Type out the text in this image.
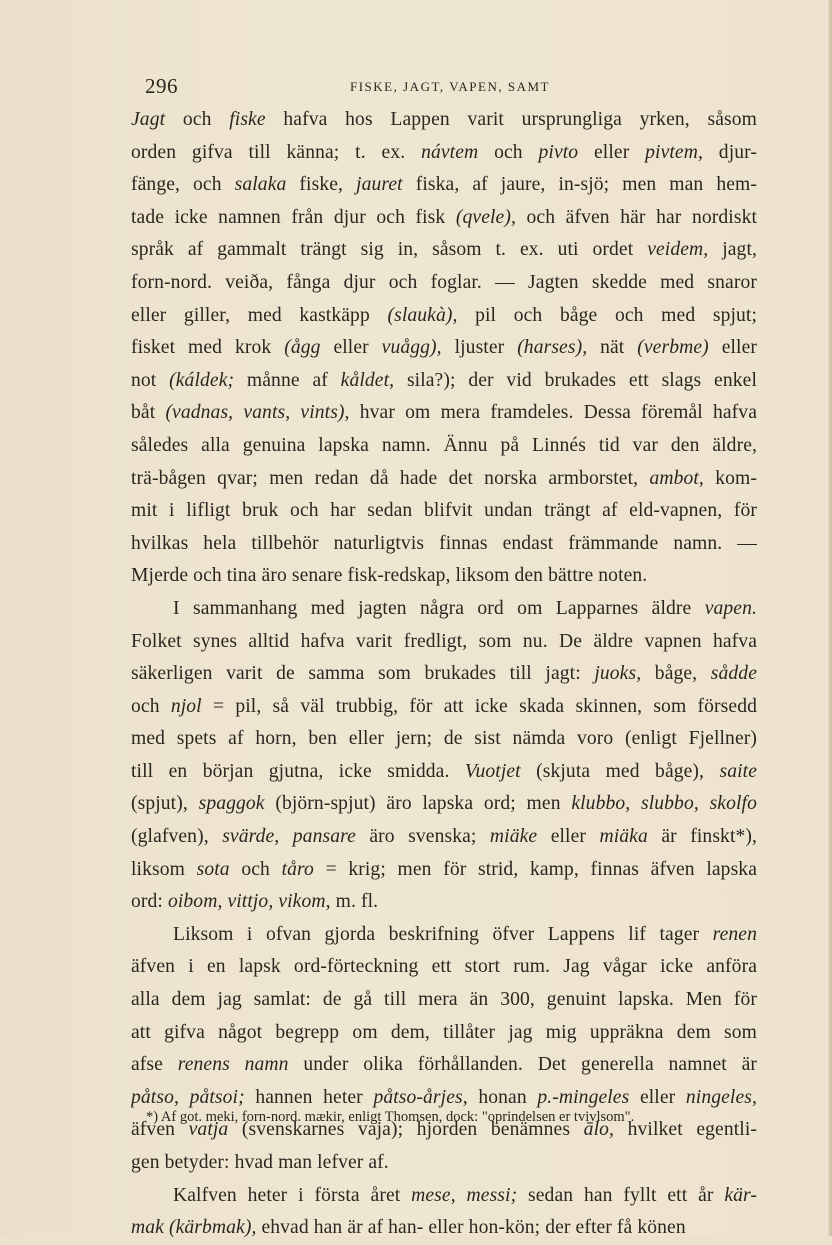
296	FISKE, JAGT, VAPEN, SAMT
Jagt och fiske hafva hos Lappen varit ursprungliga yrken, såsom
orden gifva till känna; t. ex. návtem och pivto eller pivtem, djur-
fänge, och salaka fiske, jauret fiska, af jaure, in-sjö; men man hem-
tade icke namnen från djur och fisk (qvele), och äfven här har nordiskt
språk af gammalt trängt sig in, såsom t. ex. uti ordet veidem, jagt,
forn-nord. veiða, fånga djur och foglar. — Jagten skedde med snaror
eller giller, med kastkäpp (slaukà), pil och båge och med spjut;
fisket med krok (ågg eller vuågg), ljuster (harses), nät (verbme) eller
not (káldek; månne af kåldet, sila?); der vid brukades ett slags enkel
båt (vadnas, vants, vints), hvar om mera framdeles. Dessa föremål hafva
således alla genuina lapska namn. Ännu på Linnés tid var den äldre,
trä-bågen qvar; men redan då hade det norska armborstet, ambot, kom-
mit i lifligt bruk och har sedan blifvit undan trängt af eld-vapnen, för
hvilkas hela tillbehör naturligtvis finnas endast främmande namn. —
Mjerde och tina äro senare fisk-redskap, liksom den bättre noten.
I sammanhang med jagten några ord om Lapparnes äldre vapen.
Folket synes alltid hafva varit fredligt, som nu. De äldre vapnen hafva
säkerligen varit de samma som brukades till jagt: juoks, båge, sådde
och njol = pil, så väl trubbig, för att icke skada skinnen, som försedd
med spets af horn, ben eller jern; de sist nämda voro (enligt Fjellner)
till en början gjutna, icke smidda. Vuotjet (skjuta med båge), saite
(spjut), spaggok (björn-spjut) äro lapska ord; men klubbo, slubbo, skolfo
(glafven), svärde, pansare äro svenska; miäke eller miäka är finskt*),
liksom sota och tåro = krig; men för strid, kamp, finnas äfven lapska
ord: oibom, vittjo, vikom, m. fl.
Liksom i ofvan gjorda beskrifning öfver Lappens lif tager renen
äfven i en lapsk ord-förteckning ett stort rum. Jag vågar icke anföra
alla dem jag samlat: de gå till mera än 300, genuint lapska. Men för
att gifva något begrepp om dem, tillåter jag mig uppräkna dem som
afse renens namn under olika förhållanden. Det generella namnet är
påtso, påtsoi; hannen heter påtso-årjes, honan p.-mingeles eller ningeles,
äfven vatja (svenskarnes vaja); hjorden benämnes ālo, hvilket egentli-
gen betyder: hvad man lefver af.
Kalfven heter i första året mese, messi; sedan han fyllt ett år kär-
mak (kärbmak), ehvad han är af han- eller hon-kön; der efter få könen
*) Af got. meki, forn-nord. mækir, enligt Thomsen, dock: "oprindelsen er tvivlsom".
